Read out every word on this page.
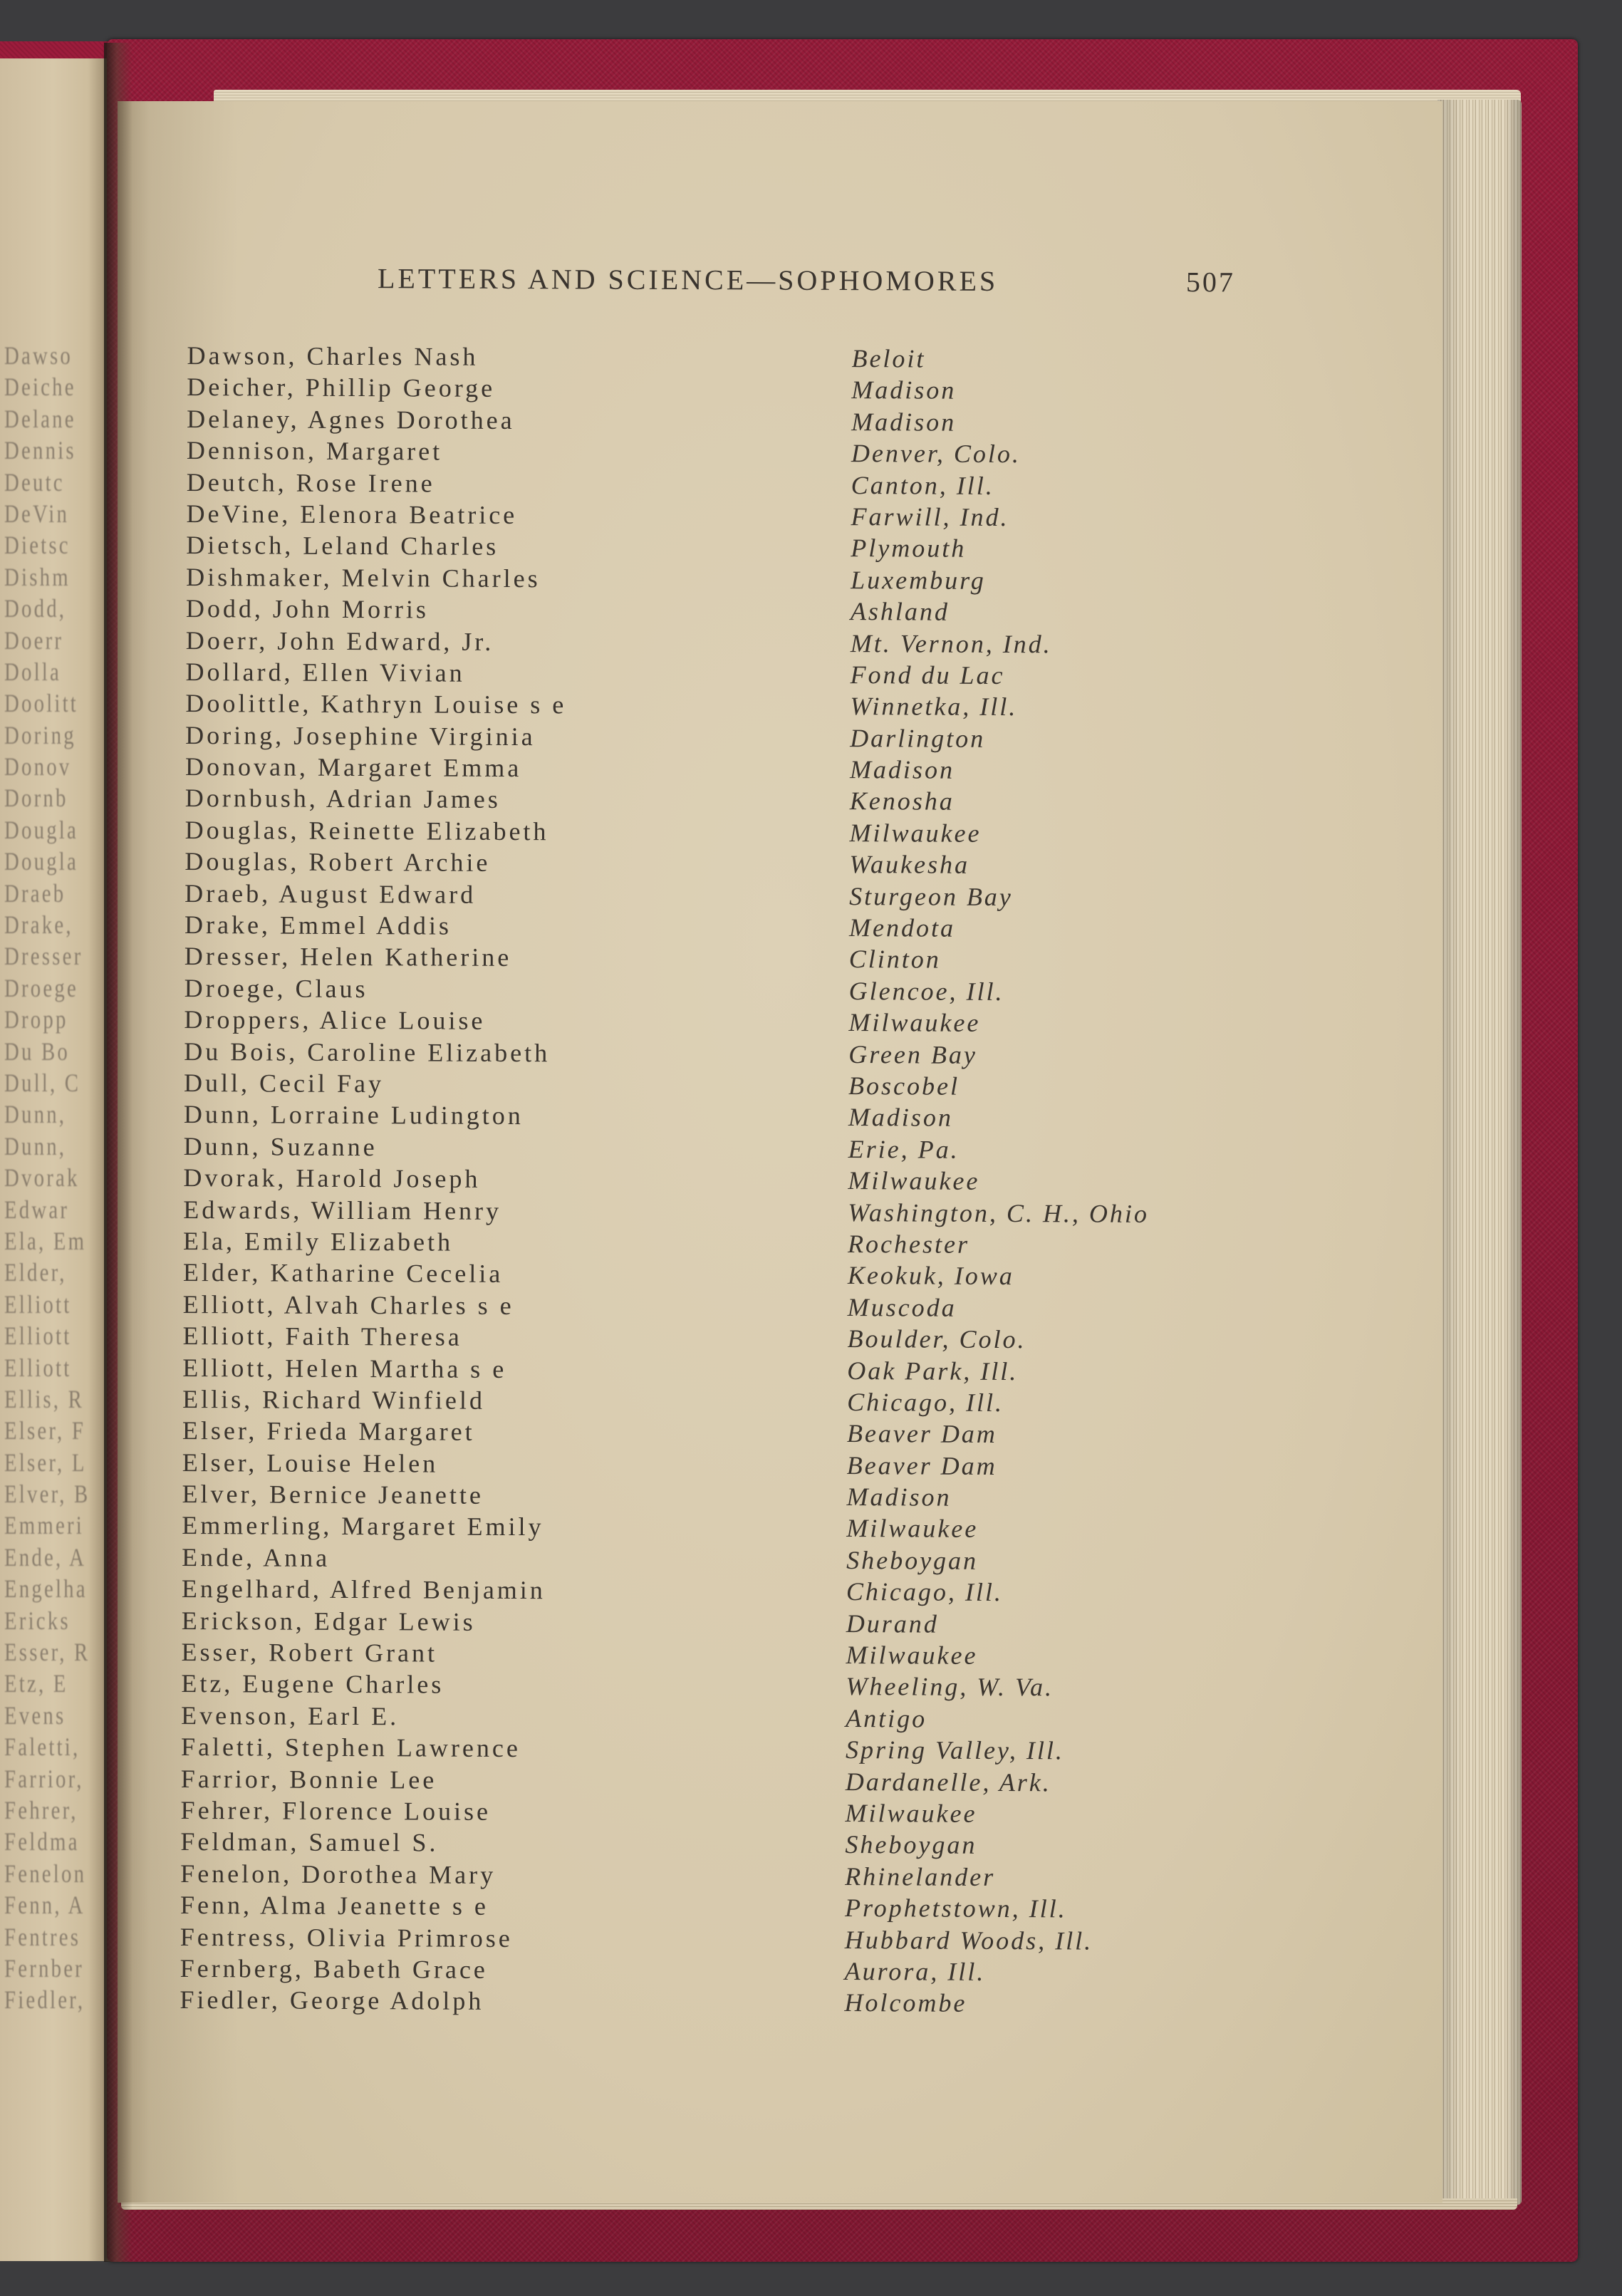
Dawso
Deiche
Delane
Dennis
Deutc
DeVin
Dietsc
Dishm
Dodd,
Doerr
Dolla
Doolitt
Doring
Donov
Dornb
Dougla
Dougla
Draeb
Drake,
Dresser
Droege
Dropp
Du Bo
Dull, C
Dunn,
Dunn,
Dvorak
Edwar
Ela, Em
Elder,
Elliott
Elliott
Elliott
Ellis, R
Elser, F
Elser, L
Elver, B
Emmeri
Ende, A
Engelha
Ericks
Esser, R
Etz, E
Evens
Faletti,
Farrior,
Fehrer,
Feldma
Fenelon
Fenn, A
Fentres
Fernber
Fiedler,
LETTERS AND SCIENCE—SOPHOMORES	507
Dawson, Charles Nash	Beloit
Deicher, Phillip George	Madison
Delaney, Agnes Dorothea	Madison
Dennison, Margaret	Denver, Colo.
Deutch, Rose Irene	Canton, Ill.
DeVine, Elenora Beatrice	Farwill, Ind.
Dietsch, Leland Charles	Plymouth
Dishmaker, Melvin Charles	Luxemburg
Dodd, John Morris	Ashland
Doerr, John Edward, Jr.	Mt. Vernon, Ind.
Dollard, Ellen Vivian	Fond du Lac
Doolittle, Kathryn Louise s e	Winnetka, Ill.
Doring, Josephine Virginia	Darlington
Donovan, Margaret Emma	Madison
Dornbush, Adrian James	Kenosha
Douglas, Reinette Elizabeth	Milwaukee
Douglas, Robert Archie	Waukesha
Draeb, August Edward	Sturgeon Bay
Drake, Emmel Addis	Mendota
Dresser, Helen Katherine	Clinton
Droege, Claus	Glencoe, Ill.
Droppers, Alice Louise	Milwaukee
Du Bois, Caroline Elizabeth	Green Bay
Dull, Cecil Fay	Boscobel
Dunn, Lorraine Ludington	Madison
Dunn, Suzanne	Erie, Pa.
Dvorak, Harold Joseph	Milwaukee
Edwards, William Henry	Washington, C. H., Ohio
Ela, Emily Elizabeth	Rochester
Elder, Katharine Cecelia	Keokuk, Iowa
Elliott, Alvah Charles s e	Muscoda
Elliott, Faith Theresa	Boulder, Colo.
Elliott, Helen Martha s e	Oak Park, Ill.
Ellis, Richard Winfield	Chicago, Ill.
Elser, Frieda Margaret	Beaver Dam
Elser, Louise Helen	Beaver Dam
Elver, Bernice Jeanette	Madison
Emmerling, Margaret Emily	Milwaukee
Ende, Anna	Sheboygan
Engelhard, Alfred Benjamin	Chicago, Ill.
Erickson, Edgar Lewis	Durand
Esser, Robert Grant	Milwaukee
Etz, Eugene Charles	Wheeling, W. Va.
Evenson, Earl E.	Antigo
Faletti, Stephen Lawrence	Spring Valley, Ill.
Farrior, Bonnie Lee	Dardanelle, Ark.
Fehrer, Florence Louise	Milwaukee
Feldman, Samuel S.	Sheboygan
Fenelon, Dorothea Mary	Rhinelander
Fenn, Alma Jeanette s e	Prophetstown, Ill.
Fentress, Olivia Primrose	Hubbard Woods, Ill.
Fernberg, Babeth Grace	Aurora, Ill.
Fiedler, George Adolph	Holcombe
